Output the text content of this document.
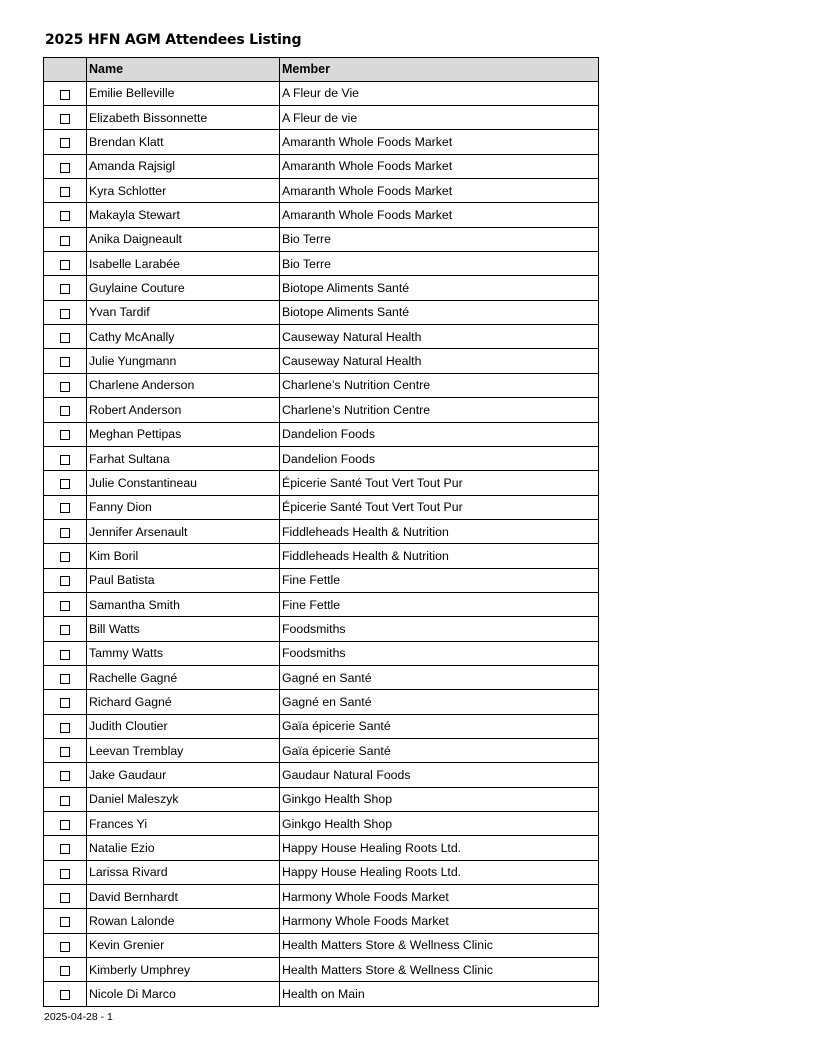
2025 HFN AGM Attendees Listing
	Name	Member
	Emilie Belleville	A Fleur de Vie
	Elizabeth Bissonnette	A Fleur de vie
	Brendan Klatt	Amaranth Whole Foods Market
	Amanda Rajsigl	Amaranth Whole Foods Market
	Kyra Schlotter	Amaranth Whole Foods Market
	Makayla Stewart	Amaranth Whole Foods Market
	Anika Daigneault	Bio Terre
	Isabelle Larabée	Bio Terre
	Guylaine Couture	Biotope Aliments Santé
	Yvan Tardif	Biotope Aliments Santé
	Cathy McAnally	Causeway Natural Health
	Julie Yungmann	Causeway Natural Health
	Charlene Anderson	Charlene’s Nutrition Centre
	Robert Anderson	Charlene’s Nutrition Centre
	Meghan Pettipas	Dandelion Foods
	Farhat Sultana	Dandelion Foods
	Julie Constantineau	Épicerie Santé Tout Vert Tout Pur
	Fanny Dion	Épicerie Santé Tout Vert Tout Pur
	Jennifer Arsenault	Fiddleheads Health & Nutrition
	Kim Boril	Fiddleheads Health & Nutrition
	Paul Batista	Fine Fettle
	Samantha Smith	Fine Fettle
	Bill Watts	Foodsmiths
	Tammy Watts	Foodsmiths
	Rachelle Gagné	Gagné en Santé
	Richard Gagné	Gagné en Santé
	Judith Cloutier	Gaïa épicerie Santé
	Leevan Tremblay	Gaïa épicerie Santé
	Jake Gaudaur	Gaudaur Natural Foods
	Daniel Maleszyk	Ginkgo Health Shop
	Frances Yi	Ginkgo Health Shop
	Natalie Ezio	Happy House Healing Roots Ltd.
	Larissa Rivard	Happy House Healing Roots Ltd.
	David Bernhardt	Harmony Whole Foods Market
	Rowan Lalonde	Harmony Whole Foods Market
	Kevin Grenier	Health Matters Store & Wellness Clinic
	Kimberly Umphrey	Health Matters Store & Wellness Clinic
	Nicole Di Marco	Health on Main
2025-04-28 - 1
